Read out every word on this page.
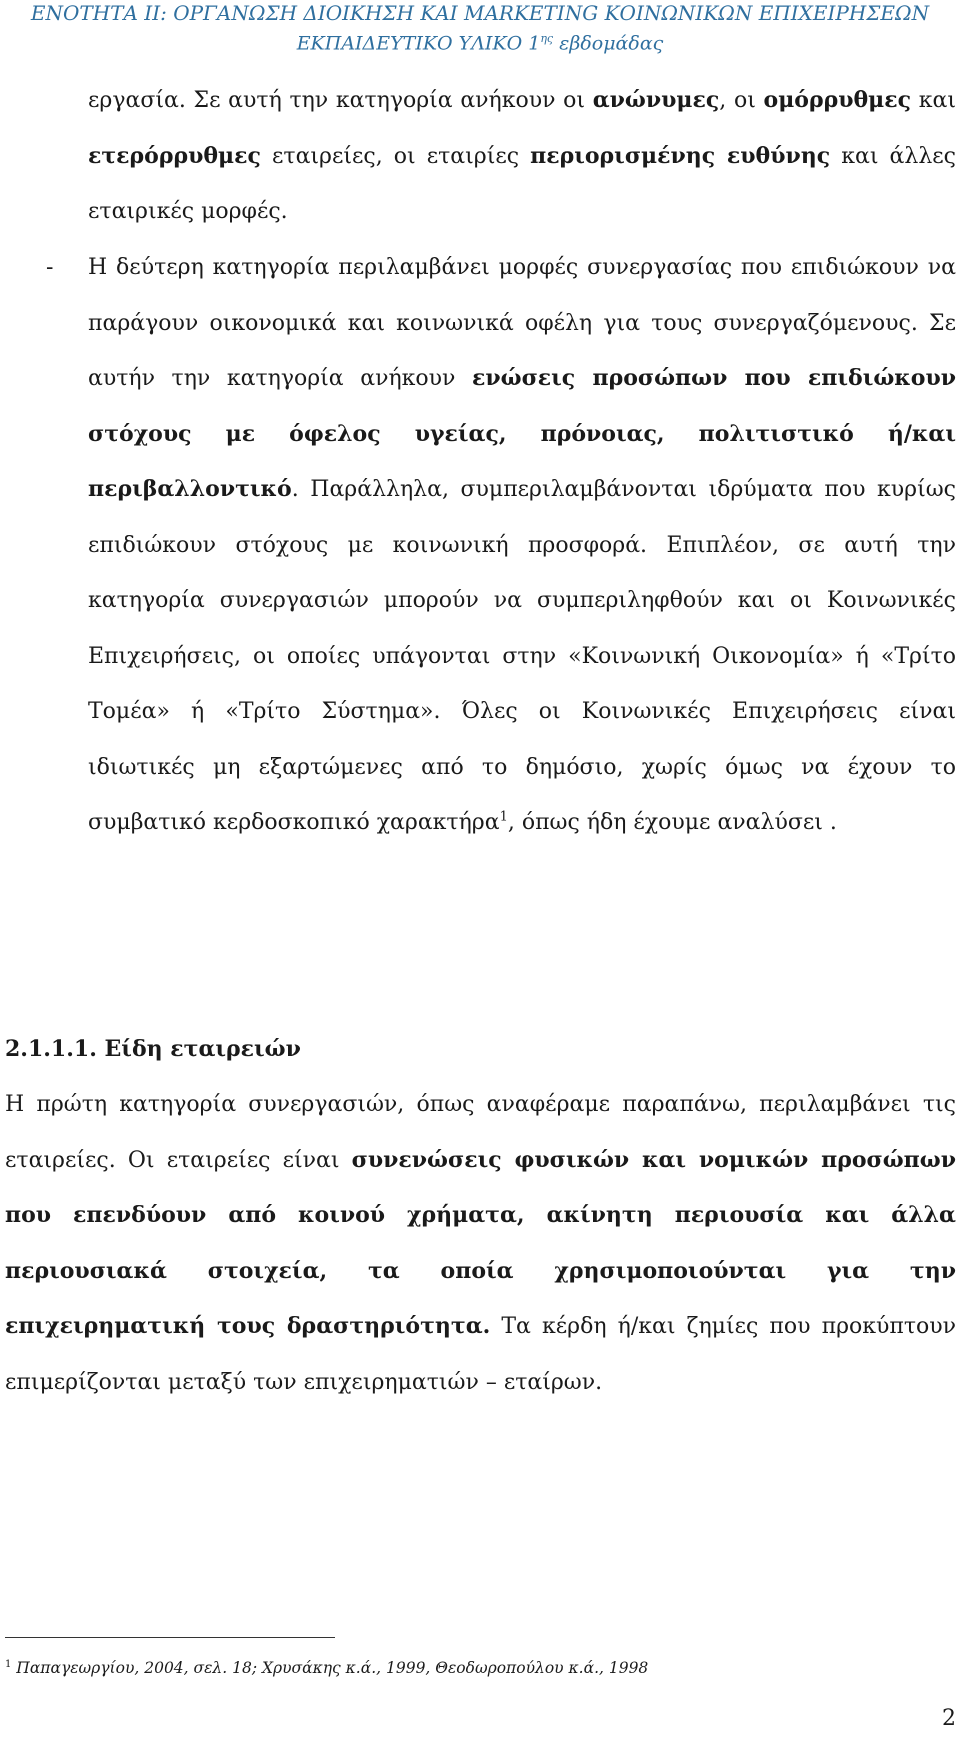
ΕΝΟΤΗΤΑ ΙΙ: ΟΡΓΑΝΩΣΗ ΔΙΟΙΚΗΣΗ ΚΑΙ MARKETING ΚΟΙΝΩΝΙΚΩΝ ΕΠΙΧΕΙΡΗΣΕΩΝ
ΕΚΠΑΙΔΕΥΤΙΚΟ ΥΛΙΚΟ $1^{\eta\varsigma}$ εβδομάδας

εργασία. Σε αυτή την κατηγορία ανήκουν οι ανώνυμες, οι ομόρρυθμες και ετερόρρυθμες εταιρείες, οι εταιρίες περιορισμένης ευθύνης και άλλες εταιρικές μορφές.

- Η δεύτερη κατηγορία περιλαμβάνει μορφές συνεργασίας που επιδιώκουν να παράγουν οικονομικά και κοινωνικά οφέλη για τους συνεργαζόμενους. Σε αυτήν την κατηγορία ανήκουν ενώσεις προσώπων που επιδιώκουν στόχους με όφελος υγείας, πρόνοιας, πολιτιστικό ή/και περιβαλλοντικό. Παράλληλα, συμπεριλαμβάνονται ιδρύματα που κυρίως επιδιώκουν στόχους με κοινωνική προσφορά. Επιπλέον, σε αυτή την κατηγορία συνεργασιών μπορούν να συμπεριληφθούν και οι Κοινωνικές Επιχειρήσεις, οι οποίες υπάγονται στην «Κοινωνική Οικονομία» ή «Τρίτο Τομέα» ή «Τρίτο Σύστημα». Όλες οι Κοινωνικές Επιχειρήσεις είναι ιδιωτικές μη εξαρτώμενες από το δημόσιο, χωρίς όμως να έχουν το συμβατικό κερδοσκοπικό χαρακτήρα$^1$, όπως ήδη έχουμε αναλύσει .

2.1.1.1. Είδη εταιρειών

Η πρώτη κατηγορία συνεργασιών, όπως αναφέραμε παραπάνω, περιλαμβάνει τις εταιρείες. Οι εταιρείες είναι συνενώσεις φυσικών και νομικών προσώπων που επενδύουν από κοινού χρήματα, ακίνητη περιουσία και άλλα περιουσιακά στοιχεία, τα οποία χρησιμοποιούνται για την επιχειρηματική τους δραστηριότητα. Τα κέρδη ή/και ζημίες που προκύπτουν επιμερίζονται μεταξύ των επιχειρηματιών – εταίρων.

$^1$ Παπαγεωργίου, 2004, σελ. 18; Χρυσάκης κ.ά., 1999, Θεοδωροπούλου κ.ά., 1998
2
